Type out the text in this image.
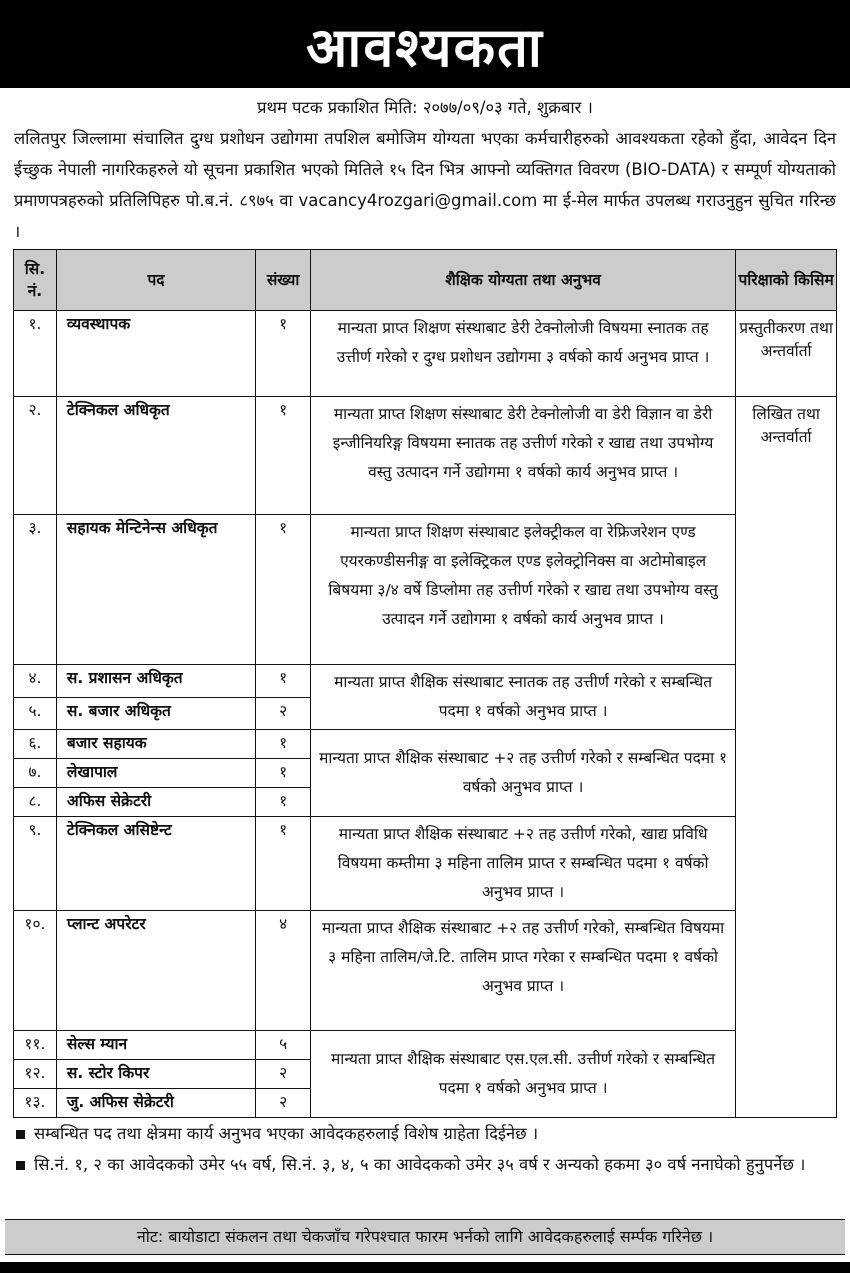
आवश्यकता
प्रथम पटक प्रकाशित मिति: २०७७/०९/०३ गते, शुक्रबार ।
ललितपुर जिल्लामा संचालित दुग्ध प्रशोधन उद्योगमा तपशिल बमोजिम योग्यता भएका कर्मचारीहरुको आवश्यकता रहेको हुँदा, आवेदन दिन ईच्छुक नेपाली नागरिकहरुले यो सूचना प्रकाशित भएको मितिले १५ दिन भित्र आफ्नो व्यक्तिगत विवरण (BIO-DATA) र सम्पूर्ण योग्यताको प्रमाणपत्रहरुको प्रतिलिपिहरु पो.ब.नं. ८९७५ वा vacancy4rozgari@gmail.com मा ई-मेल मार्फत उपलब्ध गराउनुहुन सुचित गरिन्छ ।
सि. नं.	पद	संख्या	शैक्षिक योग्यता तथा अनुभव	परिक्षाको किसिम
१.	व्यवस्थापक	१	मान्यता प्राप्त शिक्षण संस्थाबाट डेरी टेक्नोलोजी विषयमा स्नातक तह उत्तीर्ण गरेको र दुग्ध प्रशोधन उद्योगमा ३ वर्षको कार्य अनुभव प्राप्त ।	प्रस्तुतीकरण तथा अन्तर्वार्ता
२.	टेक्निकल अधिकृत	१	मान्यता प्राप्त शिक्षण संस्थाबाट डेरी टेक्नोलोजी वा डेरी विज्ञान वा डेरी इन्जीनियरिङ्ग विषयमा स्नातक तह उत्तीर्ण गरेको र खाद्य तथा उपभोग्य वस्तु उत्पादन गर्ने उद्योगमा १ वर्षको कार्य अनुभव प्राप्त ।	लिखित तथा अन्तर्वार्ता
३.	सहायक मेन्टिनेन्स अधिकृत	१	मान्यता प्राप्त शिक्षण संस्थाबाट इलेक्ट्रीकल वा रेफ्रिजरेशन एण्ड एयरकण्डीसनीङ्ग वा इलेक्ट्रिकल एण्ड इलेक्ट्रोनिक्स वा अटोमोबाइल बिषयमा ३/४ वर्षे डिप्लोमा तह उत्तीर्ण गरेको र खाद्य तथा उपभोग्य वस्तु उत्पादन गर्ने उद्योगमा १ वर्षको कार्य अनुभव प्राप्त ।	
४.	स. प्रशासन अधिकृत	१	मान्यता प्राप्त शैक्षिक संस्थाबाट स्नातक तह उत्तीर्ण गरेको र सम्बन्धित पदमा १ वर्षको अनुभव प्राप्त ।	
५.	स. बजार अधिकृत	२		
६.	बजार सहायक	१	मान्यता प्राप्त शैक्षिक संस्थाबाट +२ तह उत्तीर्ण गरेको र सम्बन्धित पदमा १ वर्षको अनुभव प्राप्त ।	
७.	लेखापाल	१		
८.	अफिस सेक्रेटरी	१		
९.	टेक्निकल असिष्टेन्ट	१	मान्यता प्राप्त शैक्षिक संस्थाबाट +२ तह उत्तीर्ण गरेको, खाद्य प्रविधि विषयमा कम्तीमा ३ महिना तालिम प्राप्त र सम्बन्धित पदमा १ वर्षको अनुभव प्राप्त ।	
१०.	प्लान्ट अपरेटर	४	मान्यता प्राप्त शैक्षिक संस्थाबाट +२ तह उत्तीर्ण गरेको, सम्बन्धित विषयमा ३ महिना तालिम/जे.टि. तालिम प्राप्त गरेका र सम्बन्धित पदमा १ वर्षको अनुभव प्राप्त ।	
११.	सेल्स म्यान	५	मान्यता प्राप्त शैक्षिक संस्थाबाट एस.एल.सी. उत्तीर्ण गरेको र सम्बन्धित पदमा १ वर्षको अनुभव प्राप्त ।	
१२.	स. स्टोर किपर	२		
१३.	जु. अफिस सेक्रेटरी	२		
सम्बन्धित पद तथा क्षेत्रमा कार्य अनुभव भएका आवेदकहरुलाई विशेष ग्राहेता दिईनेछ ।
सि.नं. १, २ का आवेदकको उमेर ५५ वर्ष, सि.नं. ३, ४, ५ का आवेदकको उमेर ३५ वर्ष र अन्यको हकमा ३० वर्ष ननाघेको हुनुपर्नेछ ।
नोट: बायोडाटा संकलन तथा चेकजाँच गरेपश्चात फारम भर्नको लागि आवेदकहरुलाई सर्म्पक गरिनेछ ।
